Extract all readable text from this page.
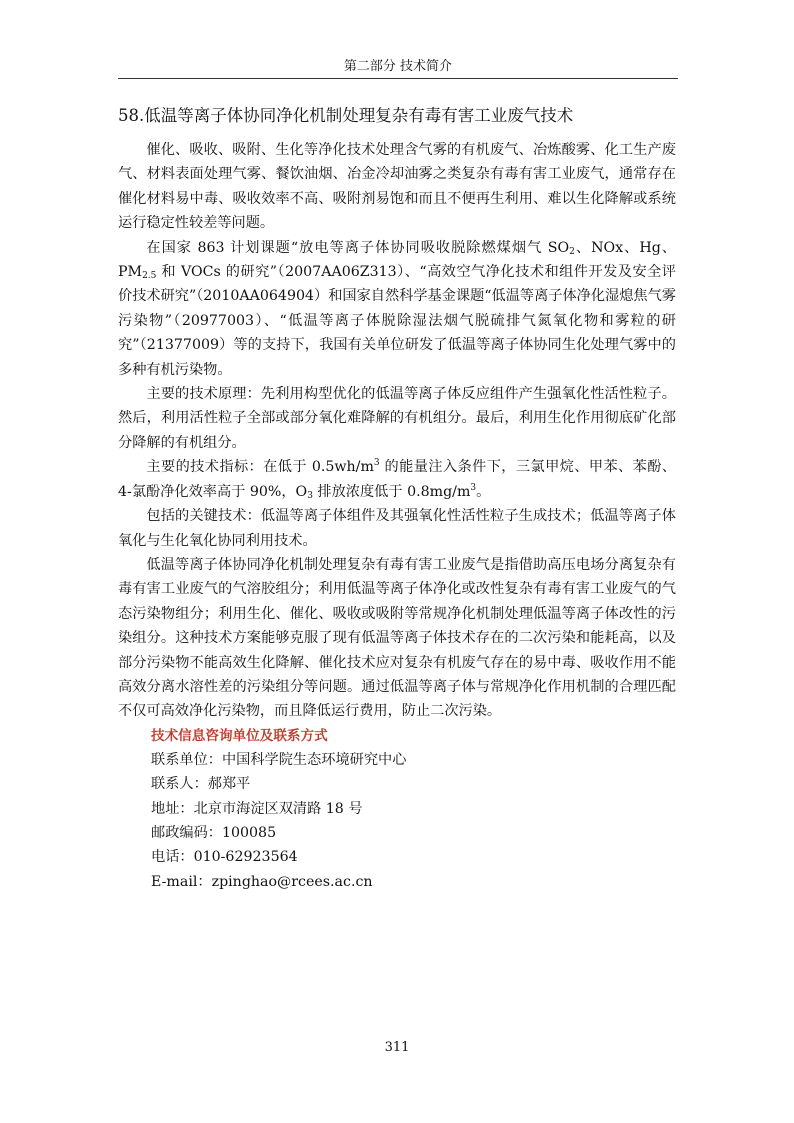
第二部分 技术简介
58.低温等离子体协同净化机制处理复杂有毒有害工业废气技术

催化、吸收、吸附、生化等净化技术处理含气雾的有机废气、冶炼酸雾、化工生产废气、材料表面处理气雾、餐饮油烟、冶金冷却油雾之类复杂有毒有害工业废气，通常存在催化材料易中毒、吸收效率不高、吸附剂易饱和而且不便再生利用、难以生化降解或系统运行稳定性较差等问题。

在国家 863 计划课题“放电等离子体协同吸收脱除燃煤烟气 $SO_2$、NOx、Hg、$PM_{2.5}$ 和 VOCs 的研究”（2007AA06Z313）、“高效空气净化技术和组件开发及安全评价技术研究”（2010AA064904）和国家自然科学基金课题“低温等离子体净化湿熄焦气雾污染物”（20977003）、“低温等离子体脱除湿法烟气脱硫排气氮氧化物和雾粒的研究”（21377009）等的支持下，我国有关单位研发了低温等离子体协同生化处理气雾中的多种有机污染物。

主要的技术原理：先利用构型优化的低温等离子体反应组件产生强氧化性活性粒子。然后，利用活性粒子全部或部分氧化难降解的有机组分。最后，利用生化作用彻底矿化部分降解的有机组分。

主要的技术指标：在低于 $0.5wh/m^3$ 的能量注入条件下，三氯甲烷、甲苯、苯酚、4-氯酚净化效率高于 90%，$O_3$ 排放浓度低于 $0.8mg/m^3$。

包括的关键技术：低温等离子体组件及其强氧化性活性粒子生成技术；低温等离子体氧化与生化氧化协同利用技术。

低温等离子体协同净化机制处理复杂有毒有害工业废气是指借助高压电场分离复杂有毒有害工业废气的气溶胶组分；利用低温等离子体净化或改性复杂有毒有害工业废气的气态污染物组分；利用生化、催化、吸收或吸附等常规净化机制处理低温等离子体改性的污染组分。这种技术方案能够克服了现有低温等离子体技术存在的二次污染和能耗高，以及部分污染物不能高效生化降解、催化技术应对复杂有机废气存在的易中毒、吸收作用不能高效分离水溶性差的污染组分等问题。通过低温等离子体与常规净化作用机制的合理匹配不仅可高效净化污染物，而且降低运行费用，防止二次污染。

技术信息咨询单位及联系方式

联系单位：中国科学院生态环境研究中心

联系人：郝郑平

地址：北京市海淀区双清路 18 号

邮政编码：100085

电话：010-62923564

E-mail：zpinghao@rcees.ac.cn

311
